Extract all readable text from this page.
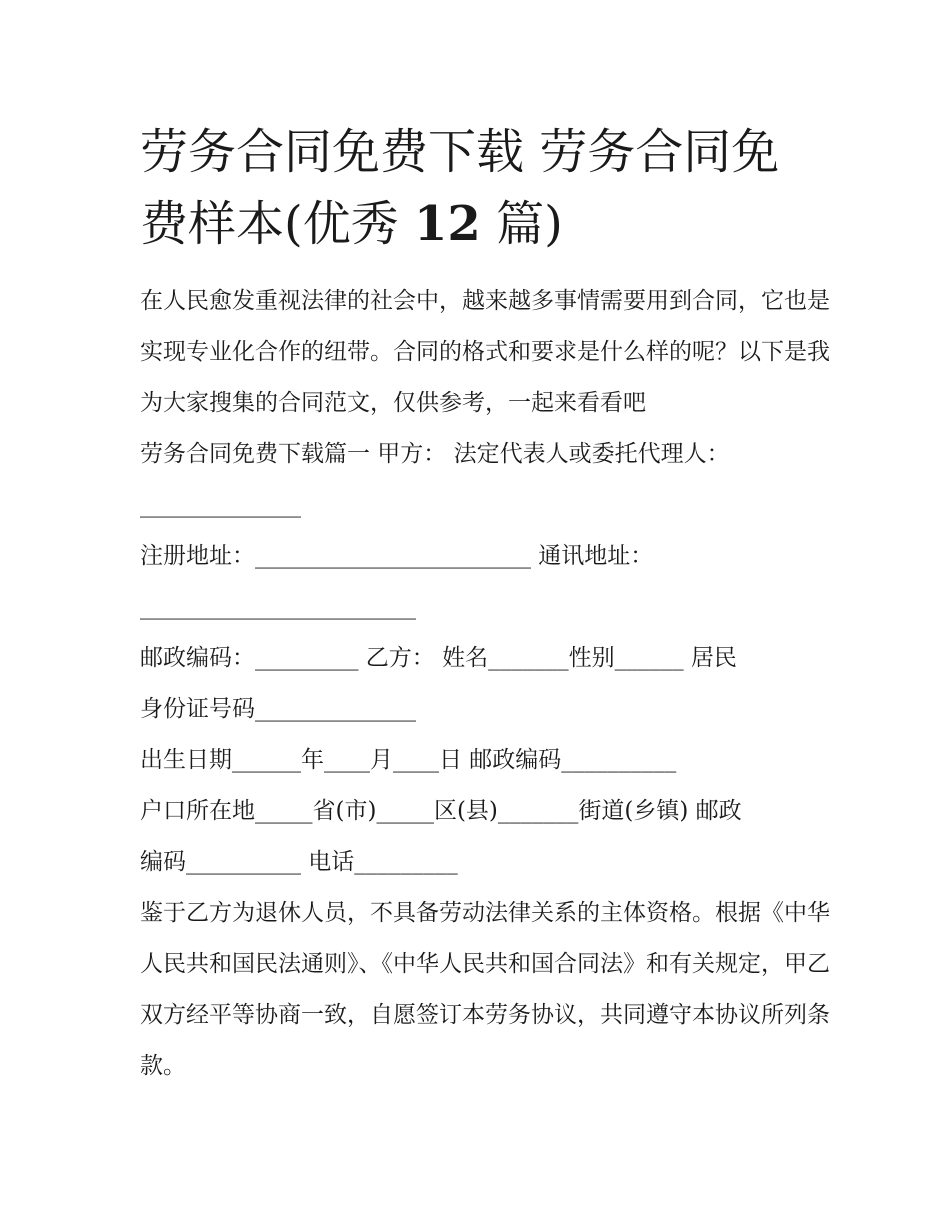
劳务合同免费下载 劳务合同免费样本(优秀 12 篇)

在人民愈发重视法律的社会中，越来越多事情需要用到合同，它也是实现专业化合作的纽带。合同的格式和要求是什么样的呢？以下是我为大家搜集的合同范文，仅供参考，一起来看看吧

劳务合同免费下载篇一 甲方： 法定代表人或委托代理人：

______________

注册地址：________________________ 通讯地址：

________________________

邮政编码：_________ 乙方： 姓名_______性别______ 居民

身份证号码______________

出生日期______年____月____日 邮政编码__________

户口所在地_____省(市)_____区(县)_______街道(乡镇) 邮政

编码__________ 电话_________

鉴于乙方为退休人员，不具备劳动法律关系的主体资格。根据《中华人民共和国民法通则》、《中华人民共和国合同法》和有关规定，甲乙双方经平等协商一致，自愿签订本劳务协议，共同遵守本协议所列条款。
